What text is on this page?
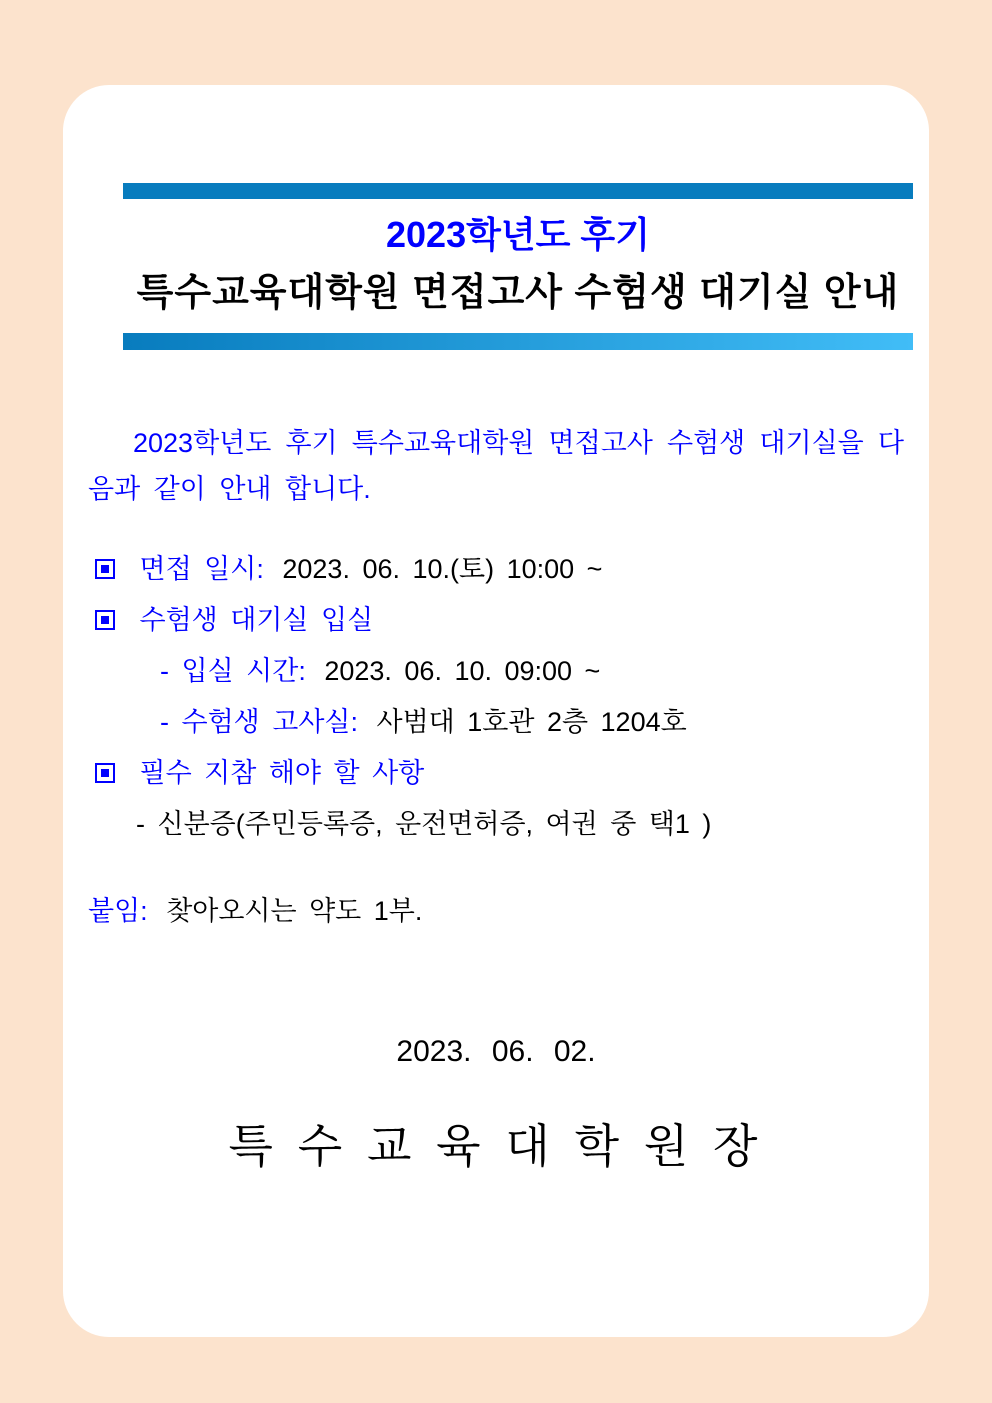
2023학년도 후기
특수교육대학원 면접고사 수험생 대기실 안내

2023학년도 후기 특수교육대학원 면접고사 수험생 대기실을 다음과 같이 안내 합니다.

면접 일시: 2023. 06. 10.(토) 10:00 ~
수험생 대기실 입실
- 입실 시간: 2023. 06. 10. 09:00 ~
- 수험생 고사실: 사범대 1호관 2층 1204호
필수 지참 해야 할 사항
- 신분증(주민등록증, 운전면허증, 여권 중 택1 )
붙임: 찾아오시는 약도 1부.
2023. 06. 02.
특 수 교 육 대 학 원 장
